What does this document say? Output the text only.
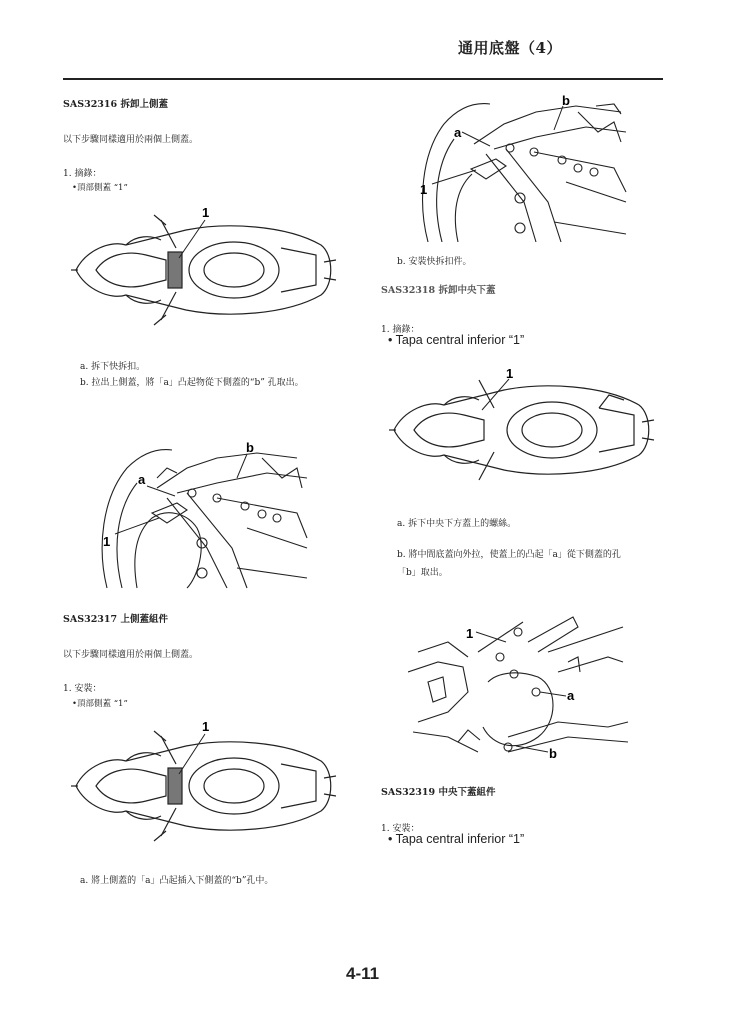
通用底盤（4）
SAS32316 拆卸上側蓋
以下步驟同樣適用於兩個上側蓋。
1. 摘錄：
•頂部側蓋 “1”
1
a. 拆下快拆扣。
b. 拉出上側蓋，將「a」凸起物從下側蓋的“b” 孔取出。
b
a
1
SAS32317 上側蓋組件
以下步驟同樣適用於兩個上側蓋。
1. 安裝：
•頂部側蓋 “1”
1
a. 將上側蓋的「a」凸起插入下側蓋的“b”孔中。
b
a
1
b. 安裝快拆扣件。
SAS32318 拆卸中央下蓋
1. 摘錄：
• Tapa central inferior “1”
1
a. 拆下中央下方蓋上的螺絲。
b. 將中間底蓋向外拉，使蓋上的凸起「a」從下側蓋的孔
「b」取出。
1
a
b
SAS32319 中央下蓋組件
1. 安裝：
• Tapa central inferior “1”
4-11
